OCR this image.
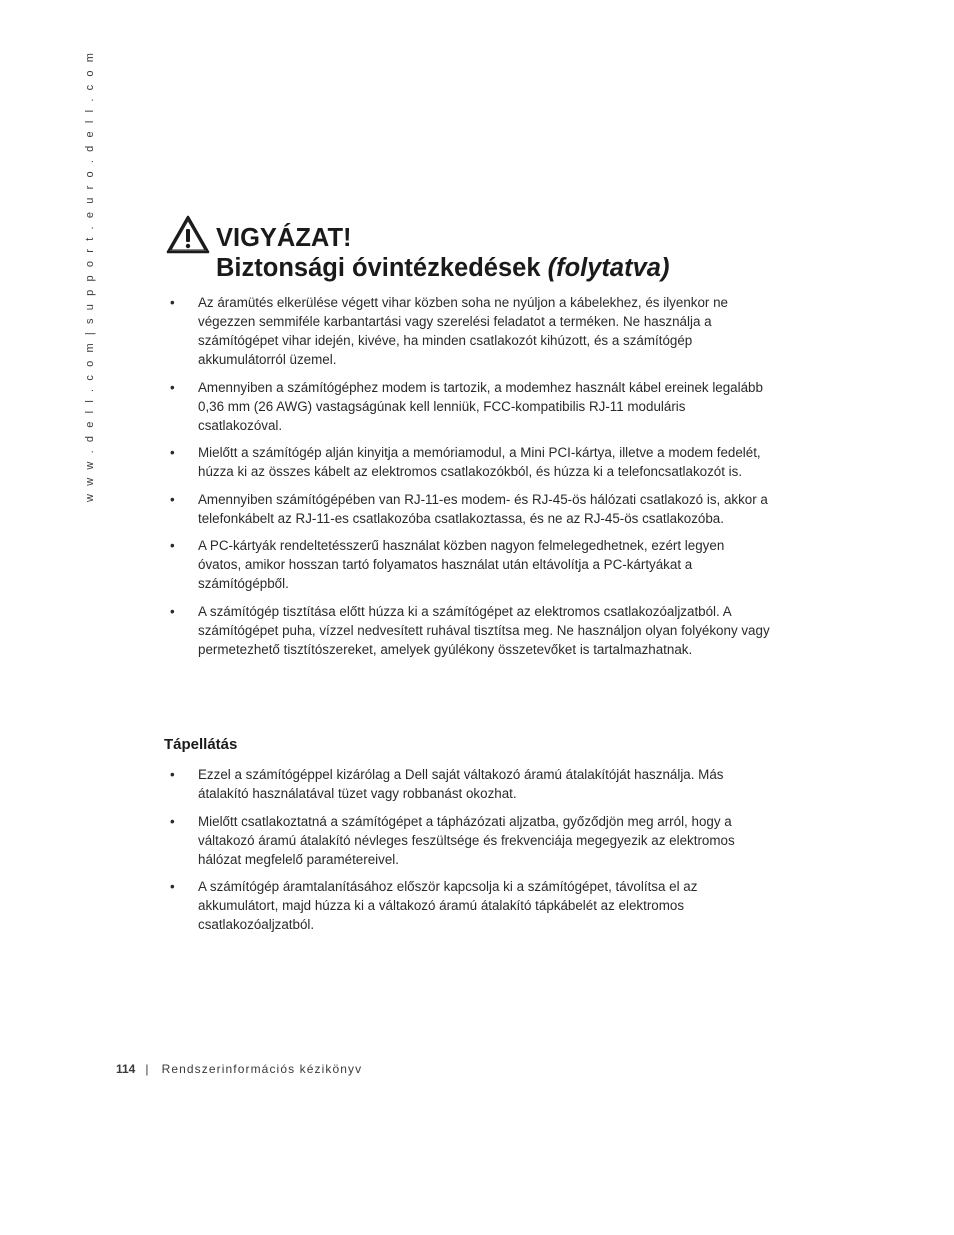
w w w . d e l l . c o m | s u p p o r t . e u r o . d e l l . c o m	VIGYÁZAT!
Biztonsági óvintézkedések (folytatva)
• Az áramütés elkerülése végett vihar közben soha ne nyúljon a kábelekhez, és ilyenkor ne végezzen semmiféle karbantartási vagy szerelési feladatot a terméken. Ne használja a számítógépet vihar idején, kivéve, ha minden csatlakozót kihúzott, és a számítógép akkumulátorról üzemel.
• Amennyiben a számítógéphez modem is tartozik, a modemhez használt kábel ereinek legalább 0,36 mm (26 AWG) vastagságúnak kell lenniük, FCC-kompatibilis RJ-11 moduláris csatlakozóval.
• Mielőtt a számítógép alján kinyitja a memóriamodul, a Mini PCI-kártya, illetve a modem fedelét, húzza ki az összes kábelt az elektromos csatlakozókból, és húzza ki a telefoncsatlakozót is.
• Amennyiben számítógépében van RJ-11-es modem- és RJ-45-ös hálózati csatlakozó is, akkor a telefonkábelt az RJ-11-es csatlakozóba csatlakoztassa, és ne az RJ-45-ös csatlakozóba.
• A PC-kártyák rendeltetésszerű használat közben nagyon felmelegedhetnek, ezért legyen óvatos, amikor hosszan tartó folyamatos használat után eltávolítja a PC-kártyákat a számítógépből.
• A számítógép tisztítása előtt húzza ki a számítógépet az elektromos csatlakozóaljzatból. A számítógépet puha, vízzel nedvesített ruhával tisztítsa meg. Ne használjon olyan folyékony vagy permetezhető tisztítószereket, amelyek gyúlékony összetevőket is tartalmazhatnak.
Tápellátás
• Ezzel a számítógéppel kizárólag a Dell saját váltakozó áramú átalakítóját használja. Más átalakító használatával tüzet vagy robbanást okozhat.
• Mielőtt csatlakoztatná a számítógépet a tápházózati aljzatba, győződjön meg arról, hogy a váltakozó áramú átalakító névleges feszültsége és frekvenciája megegyezik az elektromos hálózat megfelelő paramétereivel.
• A számítógép áramtalanításához először kapcsolja ki a számítógépet, távolítsa el az akkumulátort, majd húzza ki a váltakozó áramú átalakító tápkábelét az elektromos csatlakozóaljzatból.
114 | Rendszerinformációs kézikönyv
